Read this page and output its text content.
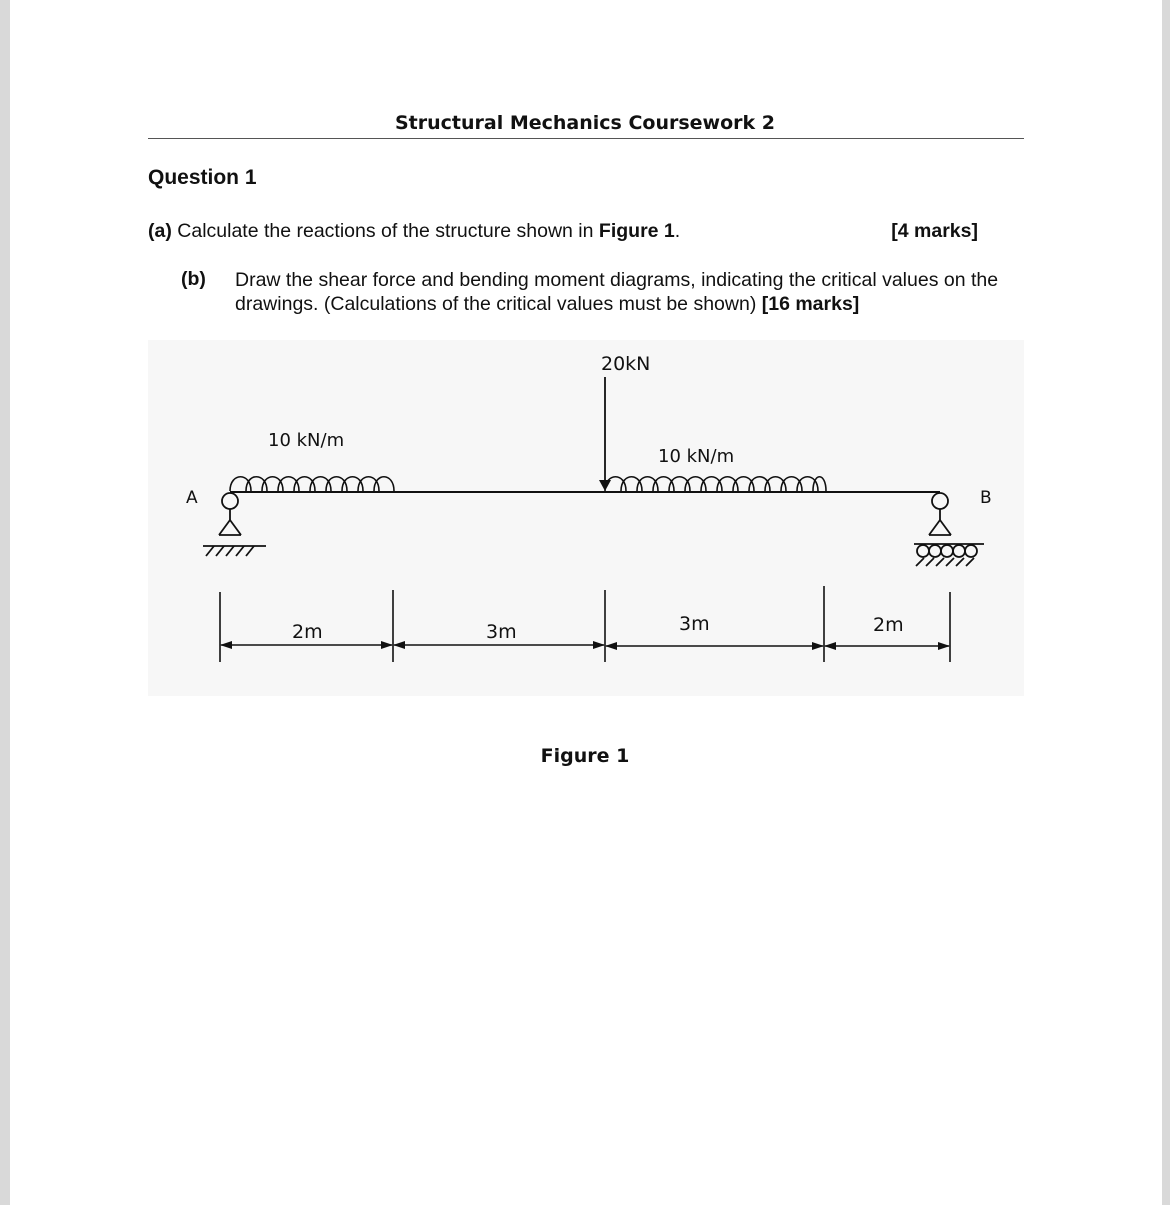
Structural Mechanics Coursework 2
Question 1
(a) Calculate the reactions of the structure shown in Figure 1.	[4 marks]
(b) Draw the shear force and bending moment diagrams, indicating the critical values on the drawings. (Calculations of the critical values must be shown) [16 marks]
20kN
10 kN/m
10 kN/m
A	B
2m	3m	3m	2m
Figure 1
